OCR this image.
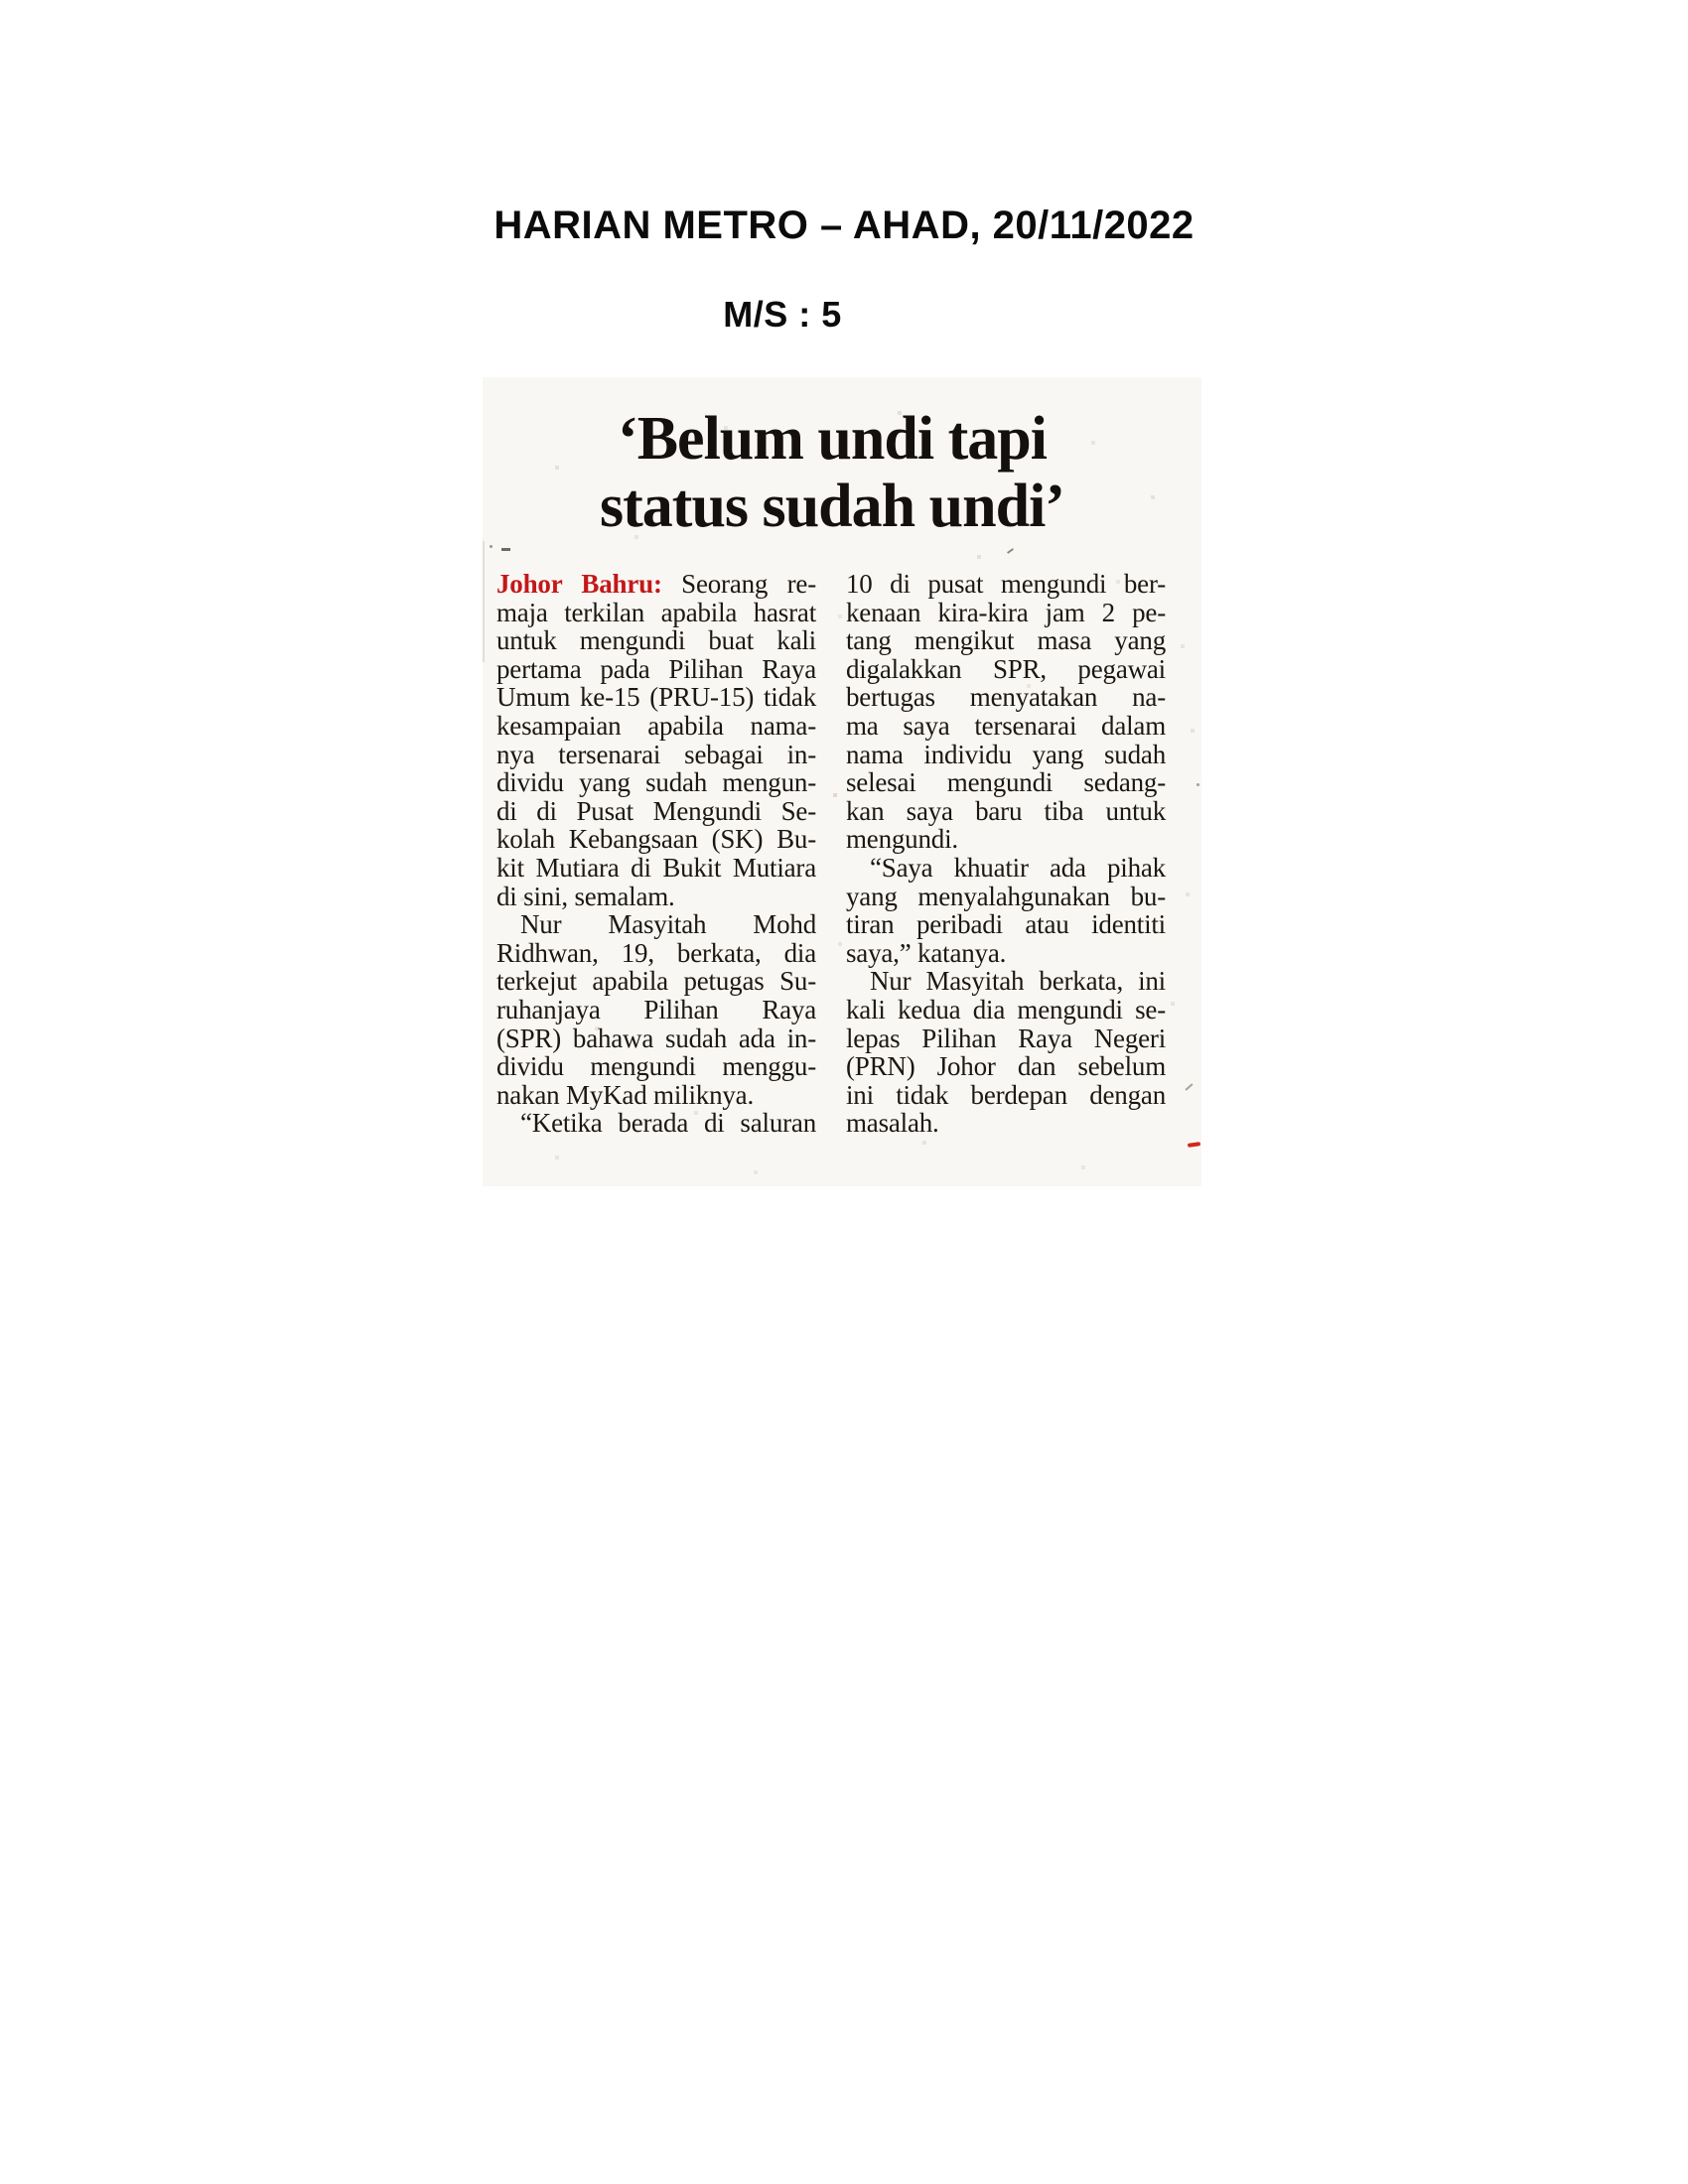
HARIAN METRO – AHAD, 20/11/2022
M/S : 5
‘Belum undi tapi
status sudah undi’
Johor Bahru: Seorang re-
maja terkilan apabila hasrat
untuk mengundi buat kali
pertama pada Pilihan Raya
Umum ke-15 (PRU-15) tidak
kesampaian apabila nama-
nya tersenarai sebagai in-
dividu yang sudah mengun-
di di Pusat Mengundi Se-
kolah Kebangsaan (SK) Bu-
kit Mutiara di Bukit Mutiara
di sini, semalam.
Nur Masyitah Mohd
Ridhwan, 19, berkata, dia
terkejut apabila petugas Su-
ruhanjaya Pilihan Raya
(SPR) bahawa sudah ada in-
dividu mengundi menggu-
nakan MyKad miliknya.
“Ketika berada di saluran
10 di pusat mengundi ber-
kenaan kira-kira jam 2 pe-
tang mengikut masa yang
digalakkan SPR, pegawai
bertugas menyatakan na-
ma saya tersenarai dalam
nama individu yang sudah
selesai mengundi sedang-
kan saya baru tiba untuk
mengundi.
“Saya khuatir ada pihak
yang menyalahgunakan bu-
tiran peribadi atau identiti
saya,” katanya.
Nur Masyitah berkata, ini
kali kedua dia mengundi se-
lepas Pilihan Raya Negeri
(PRN) Johor dan sebelum
ini tidak berdepan dengan
masalah.
